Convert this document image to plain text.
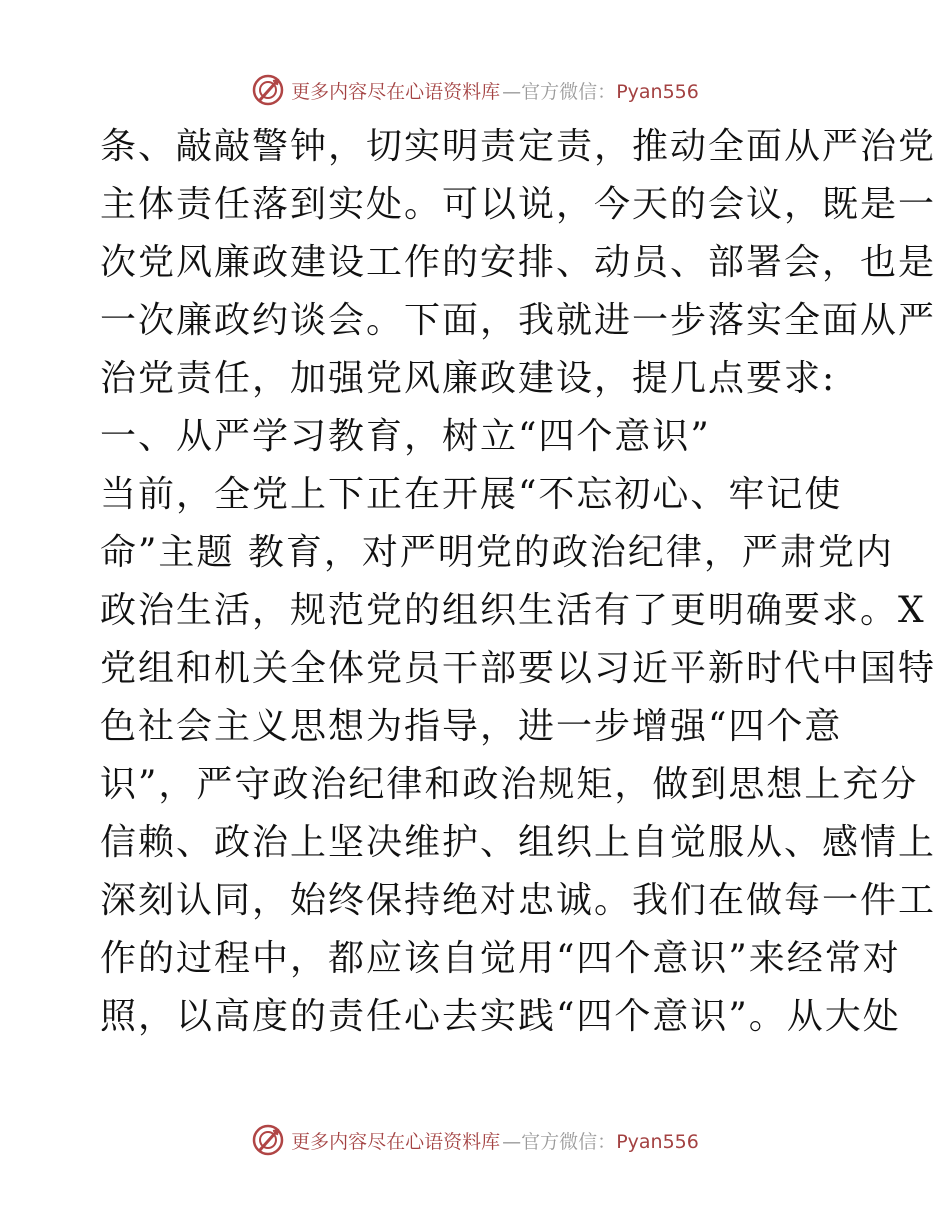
更多内容尽在心语资料库 —官方微信：Pyan556
条、敲敲警钟，切实明责定责，推动全面从严治党
主体责任落到实处。可以说，今天的会议，既是一
次党风廉政建设工作的安排、动员、部署会，也是
一次廉政约谈会。下面，我就进一步落实全面从严
治党责任，加强党风廉政建设，提几点要求:
一、从严学习教育，树立“四个意识”
当前，全党上下正在开展“不忘初心、牢记使
命”主题 教育，对严明党的政治纪律，严肃党内
政治生活，规范党的组织生活有了更明确要求。X
党组和机关全体党员干部要以习近平新时代中国特
色社会主义思想为指导，进一步增强“四个意
识”，严守政治纪律和政治规矩，做到思想上充分
信赖、政治上坚决维护、组织上自觉服从、感情上
深刻认同，始终保持绝对忠诚。我们在做每一件工
作的过程中，都应该自觉用“四个意识”来经常对
照，以高度的责任心去实践“四个意识”。从大处
更多内容尽在心语资料库 —官方微信：Pyan556
